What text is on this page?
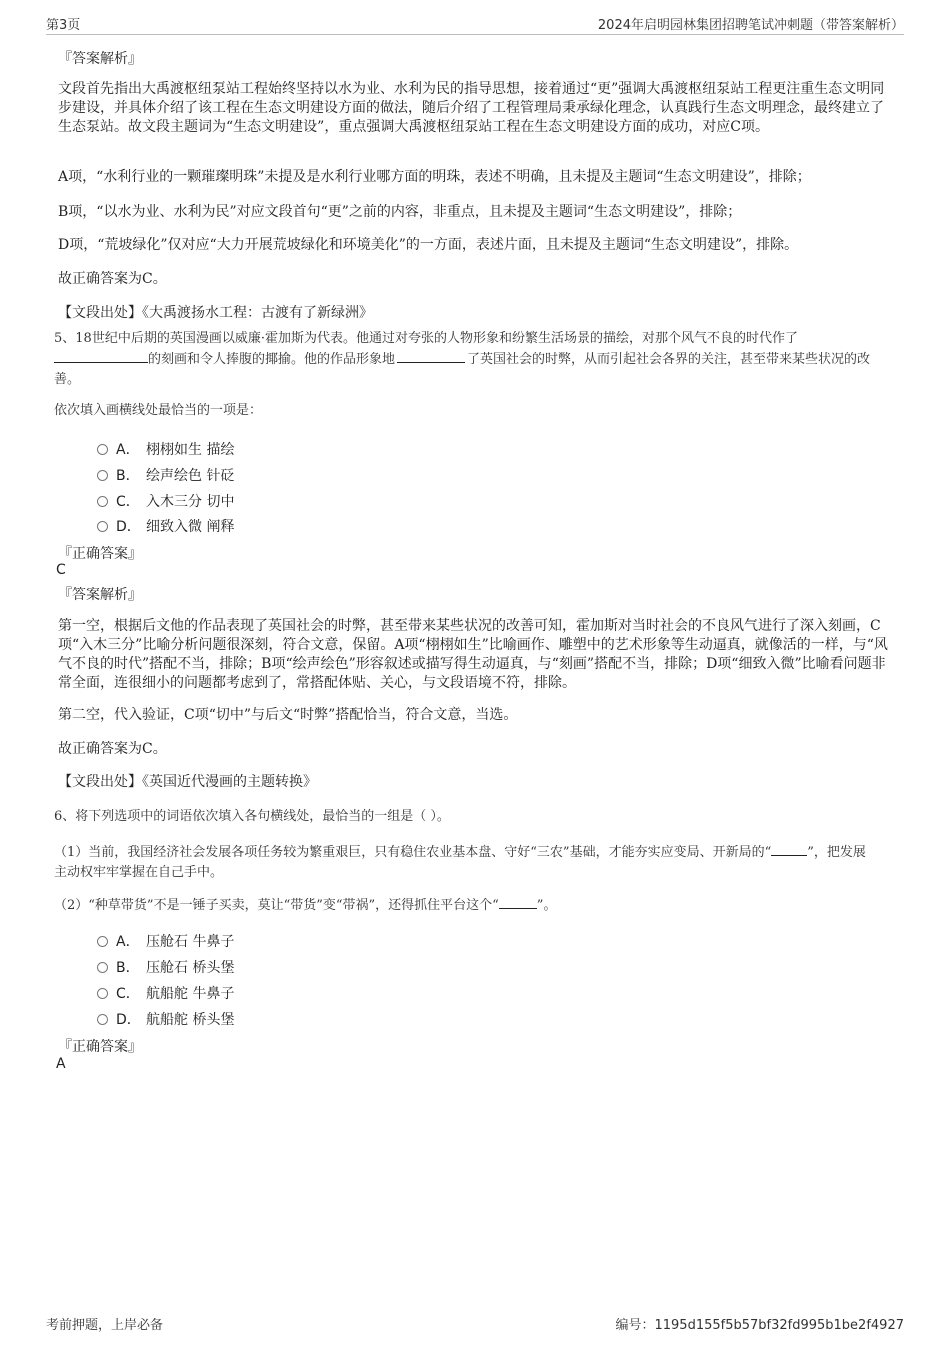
第3页	2024年启明园林集团招聘笔试冲刺题（带答案解析）
『答案解析』
文段首先指出大禹渡枢纽泵站工程始终坚持以水为业、水利为民的指导思想，接着通过“更”强调大禹渡枢纽泵站工程更注重生态文明同步建设，并具体介绍了该工程在生态文明建设方面的做法，随后介绍了工程管理局秉承绿化理念，认真践行生态文明理念，最终建立了生态泵站。故文段主题词为“生态文明建设”，重点强调大禹渡枢纽泵站工程在生态文明建设方面的成功，对应C项。
A项，“水利行业的一颗璀璨明珠”未提及是水利行业哪方面的明珠，表述不明确，且未提及主题词“生态文明建设”，排除；
B项，“以水为业、水利为民”对应文段首句“更”之前的内容，非重点，且未提及主题词“生态文明建设”，排除；
D项，“荒坡绿化”仅对应“大力开展荒坡绿化和环境美化”的一方面，表述片面，且未提及主题词“生态文明建设”，排除。
故正确答案为C。
【文段出处】《大禹渡扬水工程：古渡有了新绿洲》
5、18世纪中后期的英国漫画以威廉·霍加斯为代表。他通过对夸张的人物形象和纷繁生活场景的描绘，对那个风气不良的时代作了
的刻画和令人捧腹的揶揄。他的作品形象地	了英国社会的时弊，从而引起社会各界的关注，甚至带来某些状况的改
善。
依次填入画横线处最恰当的一项是：
A． 栩栩如生 描绘
B． 绘声绘色 针砭
C． 入木三分 切中
D． 细致入微 阐释
『正确答案』
C
『答案解析』
第一空，根据后文他的作品表现了英国社会的时弊，甚至带来某些状况的改善可知，霍加斯对当时社会的不良风气进行了深入刻画，C项“入木三分”比喻分析问题很深刻，符合文意，保留。A项“栩栩如生”比喻画作、雕塑中的艺术形象等生动逼真，就像活的一样，与“风气不良的时代”搭配不当，排除；B项“绘声绘色”形容叙述或描写得生动逼真，与“刻画”搭配不当，排除；D项“细致入微”比喻看问题非常全面，连很细小的问题都考虑到了，常搭配体贴、关心，与文段语境不符，排除。
第二空，代入验证，C项“切中”与后文“时弊”搭配恰当，符合文意，当选。
故正确答案为C。
【文段出处】《英国近代漫画的主题转换》
6、将下列选项中的词语依次填入各句横线处，最恰当的一组是（ ）。
（1）当前，我国经济社会发展各项任务较为繁重艰巨，只有稳住农业基本盘、守好“三农”基础，才能夯实应变局、开新局的“	”，把发展
主动权牢牢掌握在自己手中。
（2）“种草带货”不是一锤子买卖，莫让“带货”变“带祸”，还得抓住平台这个“	”。
A． 压舱石 牛鼻子
B． 压舱石 桥头堡
C． 航船舵 牛鼻子
D． 航船舵 桥头堡
『正确答案』
A
考前押题，上岸必备	编号：1195d155f5b57bf32fd995b1be2f4927
